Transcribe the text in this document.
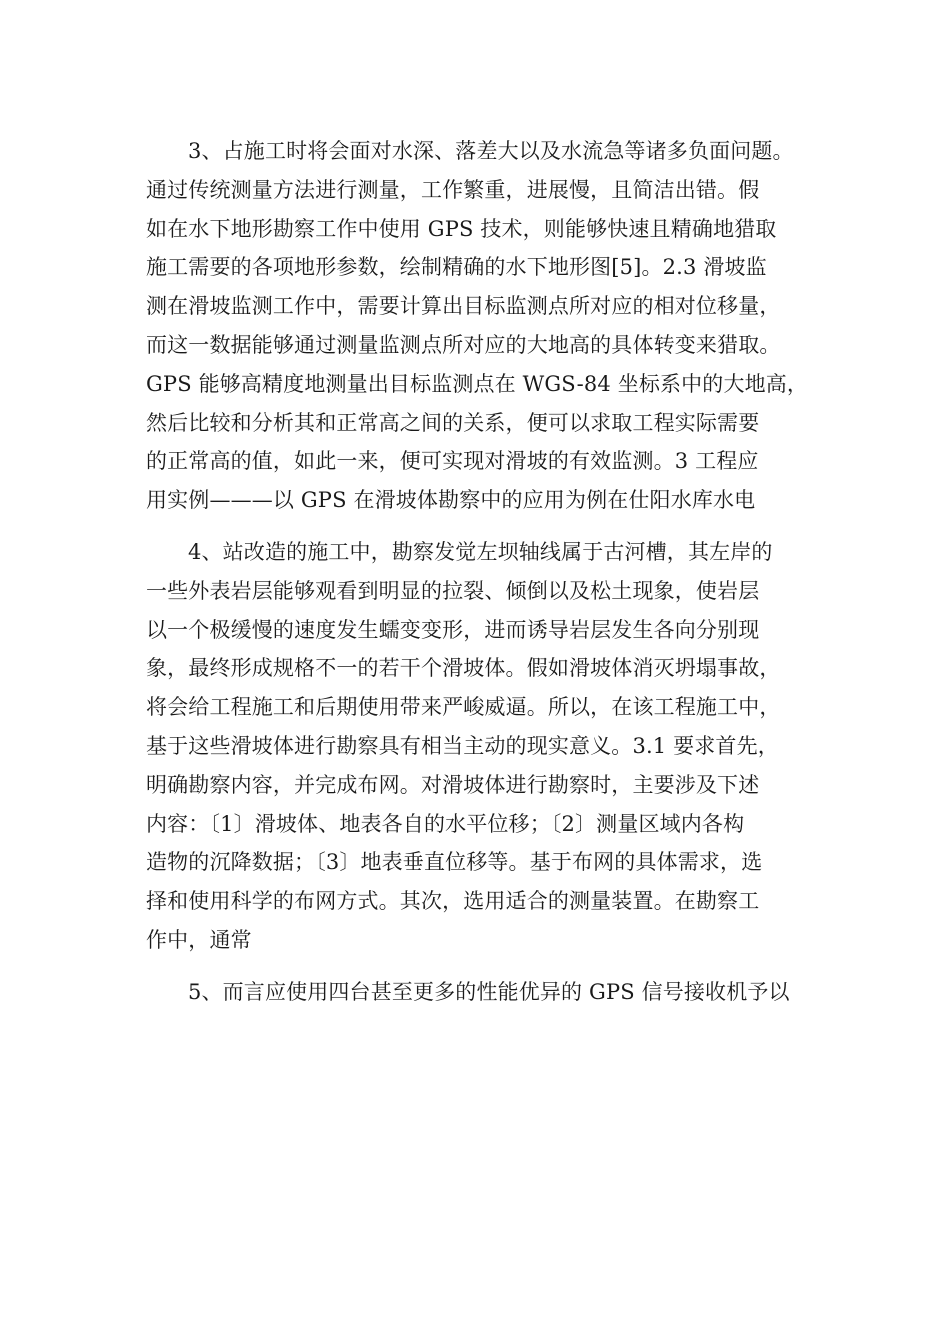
3、占施工时将会面对水深、落差大以及水流急等诸多负面问题。
通过传统测量方法进行测量，工作繁重，进展慢，且简洁出错。假
如在水下地形勘察工作中使用 GPS 技术，则能够快速且精确地猎取
施工需要的各项地形参数，绘制精确的水下地形图[5]。2.3 滑坡监
测在滑坡监测工作中，需要计算出目标监测点所对应的相对位移量，
而这一数据能够通过测量监测点所对应的大地高的具体转变来猎取。
GPS 能够高精度地测量出目标监测点在 WGS-84 坐标系中的大地高，
然后比较和分析其和正常高之间的关系，便可以求取工程实际需要
的正常高的值，如此一来，便可实现对滑坡的有效监测。3 工程应
用实例———以 GPS 在滑坡体勘察中的应用为例在仕阳水库水电

4、站改造的施工中，勘察发觉左坝轴线属于古河槽，其左岸的
一些外表岩层能够观看到明显的拉裂、倾倒以及松土现象，使岩层
以一个极缓慢的速度发生蠕变变形，进而诱导岩层发生各向分别现
象，最终形成规格不一的若干个滑坡体。假如滑坡体消灭坍塌事故，
将会给工程施工和后期使用带来严峻威逼。所以，在该工程施工中，
基于这些滑坡体进行勘察具有相当主动的现实意义。3.1 要求首先，
明确勘察内容，并完成布网。对滑坡体进行勘察时，主要涉及下述
内容：〔1〕滑坡体、地表各自的水平位移；〔2〕测量区域内各构
造物的沉降数据；〔3〕地表垂直位移等。基于布网的具体需求，选
择和使用科学的布网方式。其次，选用适合的测量装置。在勘察工
作中，通常

5、而言应使用四台甚至更多的性能优异的 GPS 信号接收机予以
